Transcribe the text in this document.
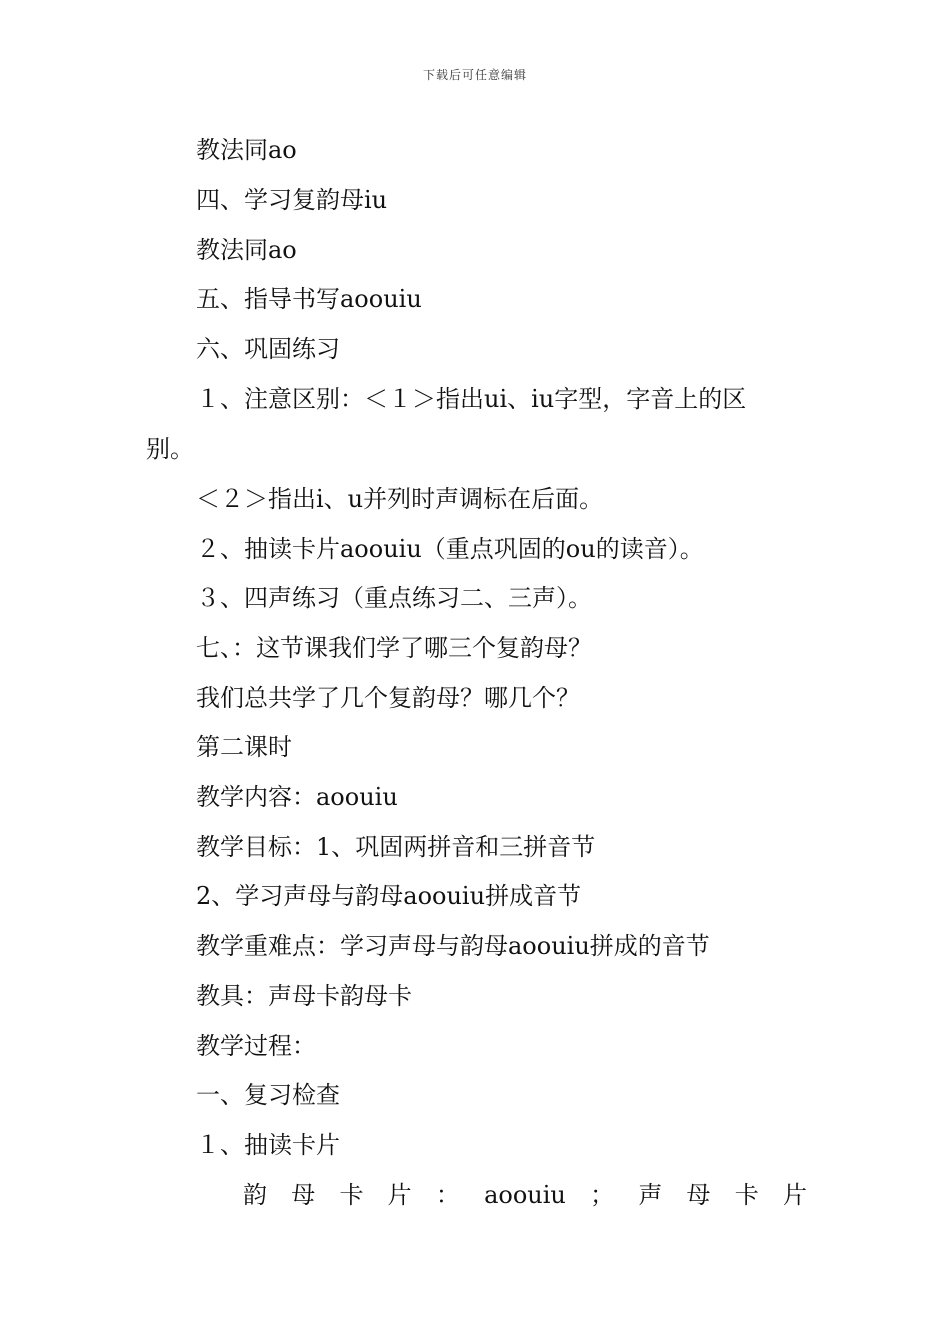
下载后可任意编辑
教法同ao
四、学习复韵母iu
教法同ao
五、指导书写aoouiu
六、巩固练习
１、注意区别：＜１＞指出ui、iu字型，字音上的区
别。
＜２＞指出i、u并列时声调标在后面。
２、抽读卡片aoouiu（重点巩固的ou的读音）。
３、四声练习（重点练习二、三声）。
七、：这节课我们学了哪三个复韵母？
我们总共学了几个复韵母？哪几个？
第二课时
教学内容：aoouiu
教学目标：1、巩固两拼音和三拼音节
2、学习声母与韵母aoouiu拼成音节
教学重难点：学习声母与韵母aoouiu拼成的音节
教具：声母卡韵母卡
教学过程：
一、复习检查
１、抽读卡片
韵 母 卡 片 ： aoouiu ； 声 母 卡 片
